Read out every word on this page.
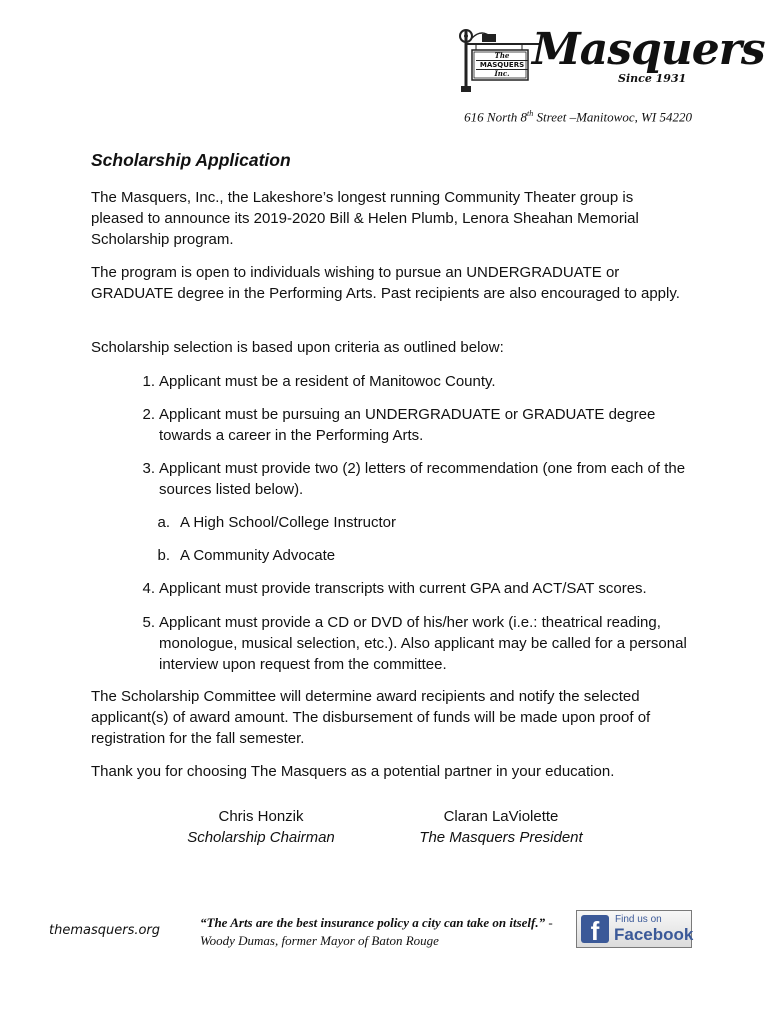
The
MASQUERS
Inc. Masquers
Since 1931
616 North 8th Street –Manitowoc, WI 54220
Scholarship Application

The Masquers, Inc., the Lakeshore’s longest running Community Theater group is pleased to announce its 2019-2020 Bill & Helen Plumb, Lenora Sheahan Memorial Scholarship program.

The program is open to individuals wishing to pursue an UNDERGRADUATE or GRADUATE degree in the Performing Arts. Past recipients are also encouraged to apply.

Scholarship selection is based upon criteria as outlined below:

1. Applicant must be a resident of Manitowoc County.
2. Applicant must be pursuing an UNDERGRADUATE or GRADUATE degree towards a career in the Performing Arts.
3. Applicant must provide two (2) letters of recommendation (one from each of the sources listed below).
a. A High School/College Instructor
b. A Community Advocate
4. Applicant must provide transcripts with current GPA and ACT/SAT scores.
5. Applicant must provide a CD or DVD of his/her work (i.e.: theatrical reading, monologue, musical selection, etc.). Also applicant may be called for a personal interview upon request from the committee.

The Scholarship Committee will determine award recipients and notify the selected applicant(s) of award amount. The disbursement of funds will be made upon proof of registration for the fall semester.

Thank you for choosing The Masquers as a potential partner in your education.

Chris Honzik
Scholarship Chairman
Claran LaViolette
The Masquers President
themasquers.org
“The Arts are the best insurance policy a city can take on itself.” -Woody Dumas, former Mayor of Baton Rouge	f	Find us on
Facebook
